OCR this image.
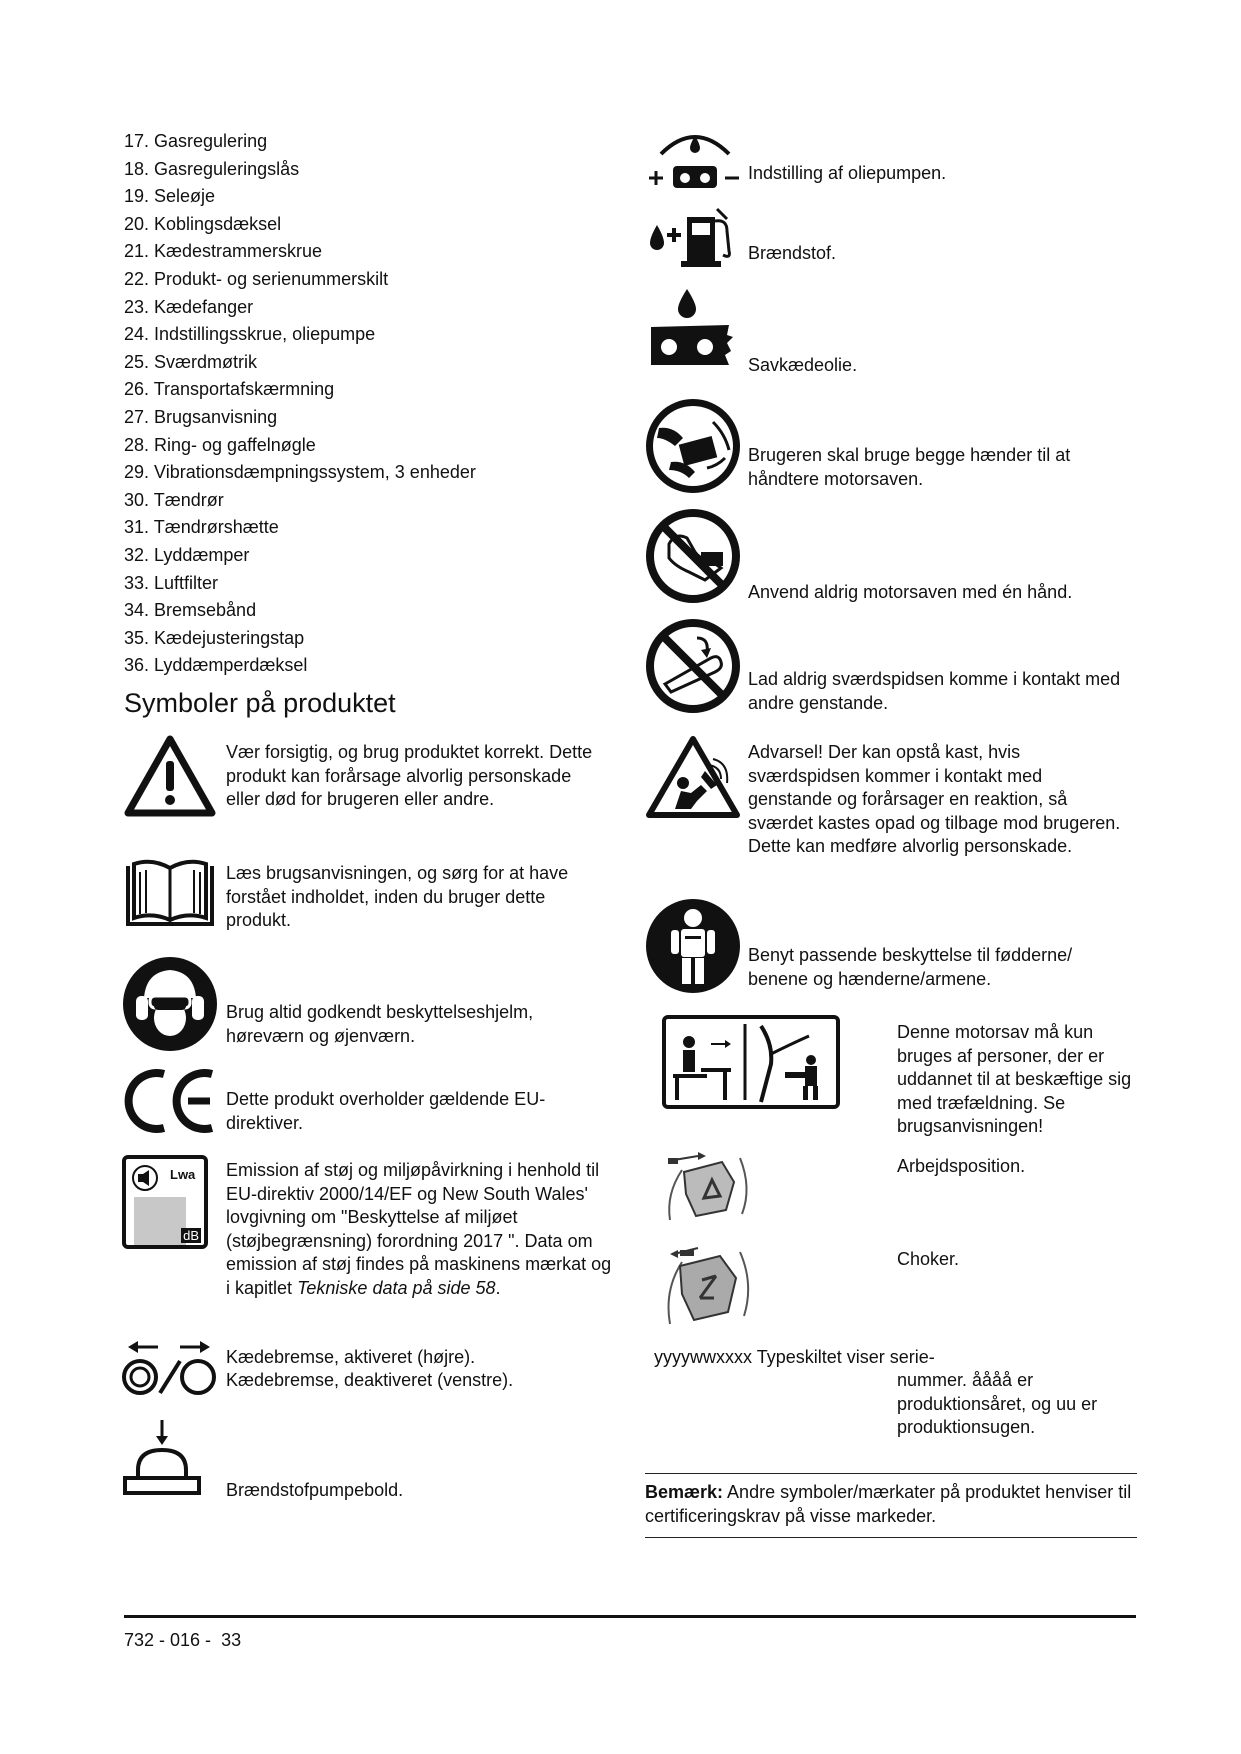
17. Gasregulering
18. Gasreguleringslås
19. Seleøje
20. Koblingsdæksel
21. Kædestrammerskrue
22. Produkt- og serienummerskilt
23. Kædefanger
24. Indstillingsskrue, oliepumpe
25. Sværdmøtrik
26. Transportafskærmning
27. Brugsanvisning
28. Ring- og gaffelnøgle
29. Vibrationsdæmpningssystem, 3 enheder
30. Tændrør
31. Tændrørshætte
32. Lyddæmper
33. Luftfilter
34. Bremsebånd
35. Kædejusteringstap
36. Lyddæmperdæksel
Symboler på produktet
Vær forsigtig, og brug produktet korrekt. Dette produkt kan forårsage alvorlig personskade eller død for brugeren eller andre.
Læs brugsanvisningen, og sørg for at have forstået indholdet, inden du bruger dette produkt.
Brug altid godkendt beskyttelseshjelm, høreværn og øjenværn.
Dette produkt overholder gældende EU-direktiver.
Lwa
dB
Emission af støj og miljøpåvirkning i henhold til EU-direktiv 2000/14/EF og New South Wales' lovgivning om "Beskyttelse af miljøet (støjbegrænsning) forordning 2017 ". Data om emission af støj findes på maskinens mærkat og i kapitlet Tekniske data på side 58.
Kædebremse, aktiveret (højre).
Kædebremse, deaktiveret (venstre).
Brændstofpumpebold.
Indstilling af oliepumpen.
Brændstof.
Savkædeolie.
Brugeren skal bruge begge hænder til at håndtere motorsaven.
Anvend aldrig motorsaven med én hånd.
Lad aldrig sværdspidsen komme i kontakt med andre genstande.
Advarsel! Der kan opstå kast, hvis sværdspidsen kommer i kontakt med genstande og forårsager en reaktion, så sværdet kastes opad og tilbage mod brugeren. Dette kan medføre alvorlig personskade.
Benyt passende beskyttelse til fødderne/ benene og hænderne/armene.
Denne motorsav må kun bruges af personer, der er uddannet til at beskæftige sig med træfældning. Se brugsanvisningen!
Arbejdsposition.
Choker.
yyyywwxxxx Typeskiltet viser serie-
nummer. åååå er produktionsåret, og uu er produktionsugen.
Bemærk: Andre symboler/mærkater på produktet henviser til certificeringskrav på visse markeder.
732 - 016 - 33
